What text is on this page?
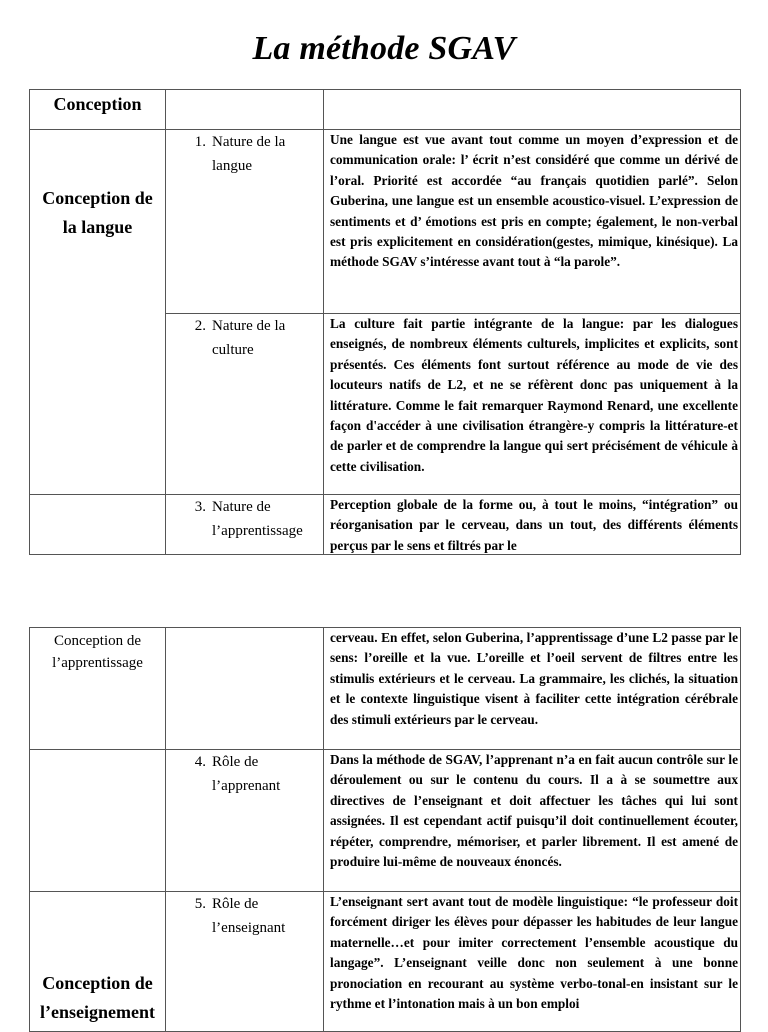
La méthode SGAV
Conception		

Conception de la langue	1. Nature de la langue	Une langue est vue avant tout comme un moyen d’expression et de communication orale: l’ écrit n’est considéré que comme un dérivé de l’oral. Priorité est accordée “au français quotidien parlé”. Selon Guberina, une langue est un ensemble acoustico-visuel. L’expression de sentiments et d’ émotions est pris en compte; également, le non-verbal est pris explicitement en considération(gestes, mimique, kinésique). La méthode SGAV s’intéresse avant tout à “la parole”.

	2. Nature de la culture	La culture fait partie intégrante de la langue: par les dialogues enseignés, de nombreux éléments culturels, implicites et explicits, sont présentés. Ces éléments font surtout référence au mode de vie des locuteurs natifs de L2, et ne se réfèrent donc pas uniquement à la littérature. Comme le fait remarquer Raymond Renard, une excellente façon d'accéder à une civilisation étrangère-y compris la littérature-et de parler et de comprendre la langue qui sert précisément de véhicule à cette civilisation.

	3. Nature de l’apprentissage	Perception globale de la forme ou, à tout le moins, “intégration” ou réorganisation par le cerveau, dans un tout, des différents éléments perçus par le sens et filtrés par le
Conception de l’apprentissage		cerveau. En effet, selon Guberina, l’apprentissage d’une L2 passe par le sens: l’oreille et la vue. L’oreille et l’oeil servent de filtres entre les stimulis extérieurs et le cerveau. La grammaire, les clichés, la situation et le contexte linguistique visent à faciliter cette intégration cérébrale des stimuli extérieurs par le cerveau.

	4. Rôle de l’apprenant	Dans la méthode de SGAV, l’apprenant n’a en fait aucun contrôle sur le déroulement ou sur le contenu du cours. Il a à se soumettre aux directives de l’enseignant et doit affectuer les tâches qui lui sont assignées. Il est cependant actif puisqu’il doit continuellement écouter, répéter, comprendre, mémoriser, et parler librement. Il est amené de produire lui-même de nouveaux énoncés.

Conception de l’enseignement	5. Rôle de l’enseignant	L’enseignant sert avant tout de modèle linguistique: “le professeur doit forcément diriger les élèves pour dépasser les habitudes de leur langue maternelle…et pour imiter correctement l’ensemble acoustique du langage”. L’enseignant veille donc non seulement à une bonne pronociation en recourant au système verbo-tonal-en insistant sur le rythme et l’intonation mais à un bon emploi
